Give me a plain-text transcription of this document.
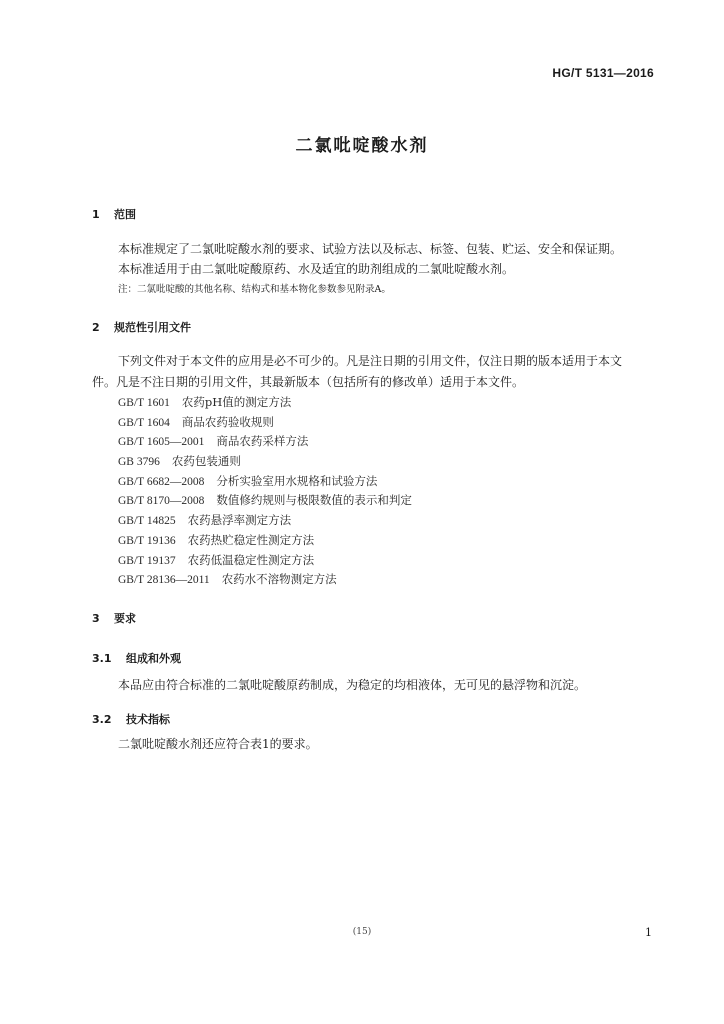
HG/T 5131—2016
二氯吡啶酸水剂
1 范围
本标准规定了二氯吡啶酸水剂的要求、试验方法以及标志、标签、包装、贮运、安全和保证期。
本标准适用于由二氯吡啶酸原药、水及适宜的助剂组成的二氯吡啶酸水剂。
注：二氯吡啶酸的其他名称、结构式和基本物化参数参见附录A。
2 规范性引用文件
下列文件对于本文件的应用是必不可少的。凡是注日期的引用文件，仅注日期的版本适用于本文
件。凡是不注日期的引用文件，其最新版本（包括所有的修改单）适用于本文件。
GB/T 1601 农药pH值的测定方法
GB/T 1604 商品农药验收规则
GB/T 1605—2001 商品农药采样方法
GB 3796 农药包装通则
GB/T 6682—2008 分析实验室用水规格和试验方法
GB/T 8170—2008 数值修约规则与极限数值的表示和判定
GB/T 14825 农药悬浮率测定方法
GB/T 19136 农药热贮稳定性测定方法
GB/T 19137 农药低温稳定性测定方法
GB/T 28136—2011 农药水不溶物测定方法
3 要求
3.1 组成和外观
本品应由符合标准的二氯吡啶酸原药制成，为稳定的均相液体，无可见的悬浮物和沉淀。
3.2 技术指标
二氯吡啶酸水剂还应符合表1的要求。
(15)	1
